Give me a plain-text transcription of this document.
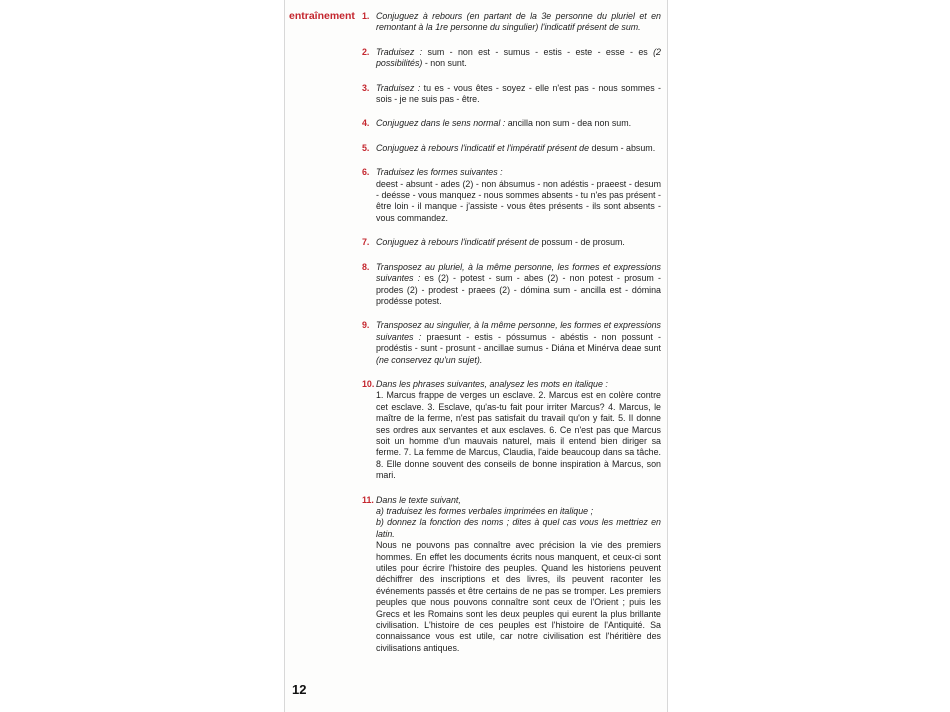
entraînement 1. Conjuguez à rebours (en partant de la 3e personne du pluriel et en remontant à la 1re personne du singulier) l'indicatif présent de sum.
2. Traduisez : sum - non est - sumus - estis - este - esse - es (2 possibilités) - non sunt.
3. Traduisez : tu es - vous êtes - soyez - elle n'est pas - nous sommes - sois - je ne suis pas - être.
4. Conjuguez dans le sens normal : ancilla non sum - dea non sum.
5. Conjuguez à rebours l'indicatif et l'impératif présent de desum - absum.
6. Traduisez les formes suivantes :
deest - absunt - ades (2) - non ábsumus - non adéstis - praeest - desum - deésse - vous manquez - nous sommes absents - tu n'es pas présent - être loin - il manque - j'assiste - vous êtes présents - ils sont absents - vous commandez.
7. Conjuguez à rebours l'indicatif présent de possum - de prosum.
8. Transposez au pluriel, à la même personne, les formes et expressions suivantes : es (2) - potest - sum - abes (2) - non potest - prosum - prodes (2) - prodest - praees (2) - dómina sum - ancilla est - dómina prodésse potest.
9. Transposez au singulier, à la même personne, les formes et expressions suivantes : praesunt - estis - póssumus - abéstis - non possunt - prodéstis - sunt - prosunt - ancillae sumus - Diána et Minérva deae sunt (ne conservez qu'un sujet).
10. Dans les phrases suivantes, analysez les mots en italique :
1. Marcus frappe de verges un esclave. 2. Marcus est en colère contre cet esclave. 3. Esclave, qu'as-tu fait pour irriter Marcus? 4. Marcus, le maître de la ferme, n'est pas satisfait du travail qu'on y fait. 5. Il donne ses ordres aux servantes et aux esclaves. 6. Ce n'est pas que Marcus soit un homme d'un mauvais naturel, mais il entend bien diriger sa ferme. 7. La femme de Marcus, Claudia, l'aide beaucoup dans sa tâche. 8. Elle donne souvent des conseils de bonne inspiration à Marcus, son mari.
11. Dans le texte suivant,
a) traduisez les formes verbales imprimées en italique ;
b) donnez la fonction des noms ; dites à quel cas vous les mettriez en latin.
Nous ne pouvons pas connaître avec précision la vie des premiers hommes. En effet les documents écrits nous manquent, et ceux-ci sont utiles pour écrire l'histoire des peuples. Quand les historiens peuvent déchiffrer des inscriptions et des livres, ils peuvent raconter les événements passés et être certains de ne pas se tromper. Les premiers peuples que nous pouvons connaître sont ceux de l'Orient ; puis les Grecs et les Romains sont les deux peuples qui eurent la plus brillante civilisation. L'histoire de ces peuples est l'histoire de l'Antiquité. Sa connaissance vous est utile, car notre civilisation est l'héritière des civilisations antiques.
12
